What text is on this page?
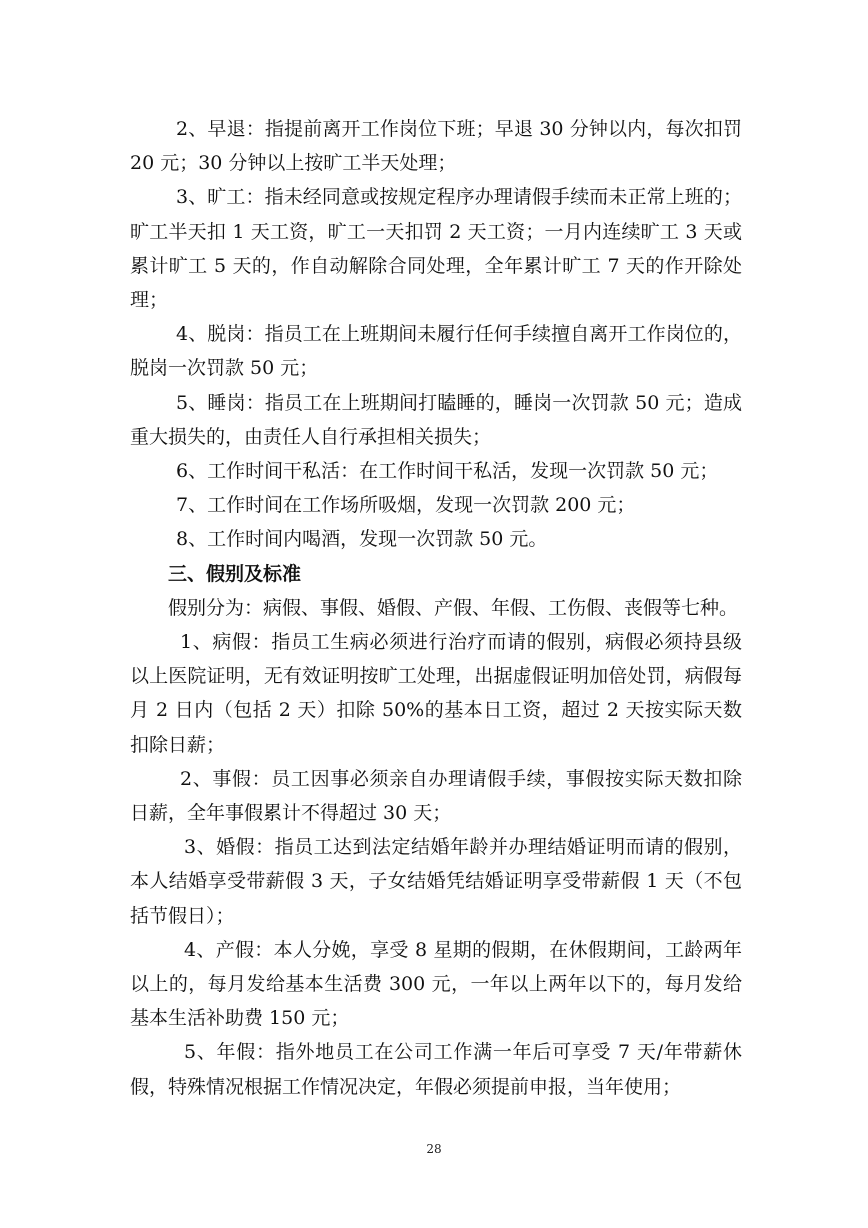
2、早退：指提前离开工作岗位下班；早退 30 分钟以内，每次扣罚 20 元；30 分钟以上按旷工半天处理；

3、旷工：指未经同意或按规定程序办理请假手续而未正常上班的；旷工半天扣 1 天工资，旷工一天扣罚 2 天工资；一月内连续旷工 3 天或累计旷工 5 天的，作自动解除合同处理，全年累计旷工 7 天的作开除处理；

4、脱岗：指员工在上班期间未履行任何手续擅自离开工作岗位的，脱岗一次罚款 50 元；

5、睡岗：指员工在上班期间打瞌睡的，睡岗一次罚款 50 元；造成重大损失的，由责任人自行承担相关损失；

6、工作时间干私活：在工作时间干私活，发现一次罚款 50 元；

7、工作时间在工作场所吸烟，发现一次罚款 200 元；

8、工作时间内喝酒，发现一次罚款 50 元。

三、假别及标准

假别分为：病假、事假、婚假、产假、年假、工伤假、丧假等七种。

1、病假：指员工生病必须进行治疗而请的假别，病假必须持县级以上医院证明，无有效证明按旷工处理，出据虚假证明加倍处罚，病假每月 2 日内（包括 2 天）扣除 50%的基本日工资，超过 2 天按实际天数扣除日薪；

2、事假：员工因事必须亲自办理请假手续，事假按实际天数扣除日薪，全年事假累计不得超过 30 天；

3、婚假：指员工达到法定结婚年龄并办理结婚证明而请的假别，本人结婚享受带薪假 3 天，子女结婚凭结婚证明享受带薪假 1 天（不包括节假日）；

4、产假：本人分娩，享受 8 星期的假期，在休假期间，工龄两年以上的，每月发给基本生活费 300 元，一年以上两年以下的，每月发给基本生活补助费 150 元；

5、年假：指外地员工在公司工作满一年后可享受 7 天/年带薪休假，特殊情况根据工作情况决定，年假必须提前申报，当年使用；

28
